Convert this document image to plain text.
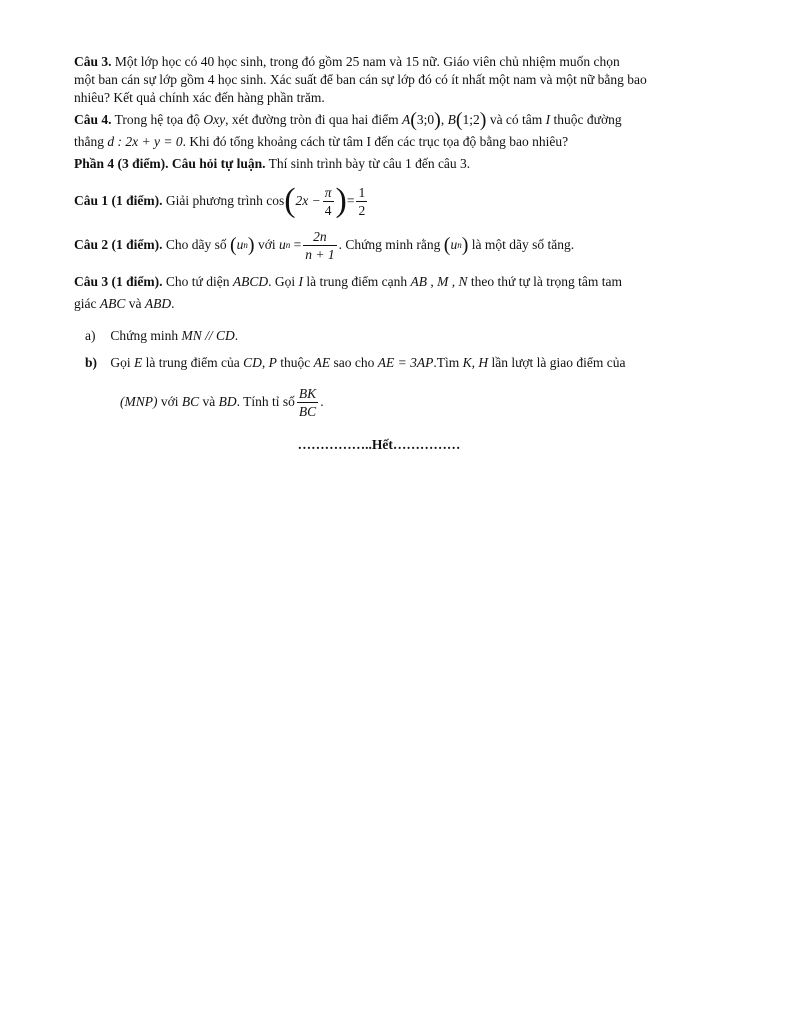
Câu 3. Một lớp học có 40 học sinh, trong đó gồm 25 nam và 15 nữ. Giáo viên chủ nhiệm muốn chọn
một ban cán sự lớp gồm 4 học sinh. Xác suất để ban cán sự lớp đó có ít nhất một nam và một nữ bằng bao
nhiêu? Kết quả chính xác đến hàng phần trăm.
Câu 4. Trong hệ tọa độ Oxy, xét đường tròn đi qua hai điểm A(3;0), B(1;2) và có tâm I thuộc đường
thẳng d : 2x + y = 0. Khi đó tổng khoảng cách từ tâm I đến các trục tọa độ bằng bao nhiêu?
Phần 4 (3 điểm). Câu hỏi tự luận. Thí sinh trình bày từ câu 1 đến câu 3.
Câu 1 (1 điểm).
Giải phương trình
cos ( $2x - \frac{\pi}{4}$ ) = $\frac{1}{2}$
Câu 2 (1 điểm).
Cho dãy số
( u n )
với
u n
= $\frac{2n}{n + 1}$ . Chứng minh rằng
( u n )
là một dãy số tăng.
Câu 3 (1 điểm). Cho tứ diện ABCD. Gọi I là trung điểm cạnh AB , M , N theo thứ tự là trọng tâm tam
giác ABC và ABD.
a) Chứng minh MN // CD.
b) Gọi E là trung điểm của CD, P thuộc AE sao cho AE = 3AP.Tìm K, H lần lượt là giao điểm của
(MNP)
với
BC
và
BD . Tính tỉ số $\frac{BK}{BC}$ .
……………..Hết……………
